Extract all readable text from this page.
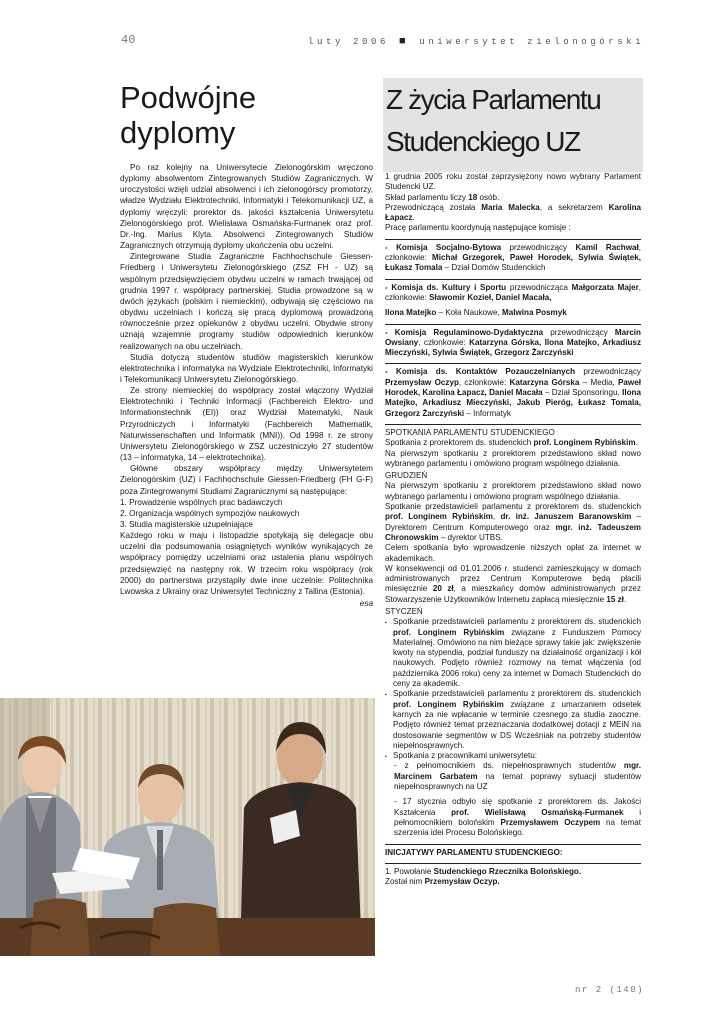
40	luty 2006 ■ uniwersytet zielonogórski
Podwójne
dyplomy
Z życia Parlamentu
Studenckiego UZ

Po raz kolejny na Uniwersytecie Zielonogórskim wręczono dyplomy absolwentom Zintegrowanych Studiów Zagranicznych. W uroczystości wzięli udział absolwenci i ich zielonogórscy promotorzy, władze Wydziału Elektrotechniki, Informatyki i Telekomunikacji UZ, a dyplomy wręczyli: prorektor ds. jakości kształcenia Uniwersytetu Zielonogórskiego prof. Wielisława Osmańska-Furmanek oraz prof. Dr.-Ing. Marius Klyta. Absolwenci Zintegrowanych Studiów Zagranicznych otrzymują dyplomy ukończenia obu uczelni.

Zintegrowane Studia Zagraniczne Fachhochschule Giessen-Friedberg i Uniwersytetu Zielonogórskiego (ZSZ FH - UZ) są wspólnym przedsięwzięciem obydwu uczelni w ramach trwającej od grudnia 1997 r. współpracy partnerskiej. Studia prowadzone są w dwóch językach (polskim i niemieckim), odbywają się częściowo na obydwu uczelniach i kończą się pracą dyplomową prowadzoną równocześnie przez opiekunów z obydwu uczelni. Obydwie strony uznają wzajemnie programy studiów odpowiednich kierunków realizowanych na obu uczelniach.

Studia dotyczą studentów studiów magisterskich kierunków elektrotechnika i informatyka na Wydziale Elektrotechniki, Informatyki i Telekomunikacji Uniwersytetu Zielonogórskiego.

Ze strony niemieckiej do współpracy został włączony Wydział Elektrotechniki i Techniki Informacji (Fachbereich Elektro- und Informationstechnik (EI)) oraz Wydział Matematyki, Nauk Przyrodniczych i Informatyki (Fachbereich Mathematik, Naturwissenschaften und Informatik (MNI)). Od 1998 r. ze strony Uniwersytetu Zielonogórskiego w ZSZ uczestniczyło 27 studentów (13 – informatyka, 14 – elektrotechnika).

Główne obszary współpracy między Uniwersytetem Zielonogórskim (UZ) i Fachhochschule Giessen-Friedberg (FH G-F) poza Zintegrowanymi Studiami Zagranicznymi są następujące:

1. Prowadzenie wspólnych prac badawczych

2. Organizacja wspólnych sympozjów naukowych

3. Studia magisterskie uzupełniające

Każdego roku w maju i listopadzie spotykają się delegacje obu uczelni dla podsumowania osiągniętych wyników wynikających ze współpracy pomiędzy uczelniami oraz ustalenia planu wspólnych przedsięwzięć na następny rok. W trzecim roku współpracy (rok 2000) do partnerstwa przystąpiły dwie inne uczelnie: Politechnika Lwowska z Ukrainy oraz Uniwersytet Techniczny z Tallina (Estonia).

esa

1 grudnia 2005 roku został zaprzysiężony nowo wybrany Parlament Studencki UZ.

Skład parlamentu liczy 18 osób.

Przewodniczącą została Maria Malecka, a sekretarzem Karolina Łapacz.

Pracę parlamentu koordynują następujące komisje :

- Komisja Socjalno-Bytowa przewodniczący Kamil Rachwał, członkowie: Michał Grzegorek, Paweł Horodek, Sylwia Świątek, Łukasz Tomala – Dział Domów Studenckich

- Komisja ds. Kultury i Sportu przewodnicząca Małgorzata Majer, członkowie: Sławomir Kozieł, Daniel Macała,

Ilona Matejko – Koła Naukowe, Malwina Posmyk

- Komisja Regulaminowo-Dydaktyczna przewodniczący Marcin Owsiany, członkowie: Katarzyna Górska, Ilona Matejko, Arkadiusz Mieczyński, Sylwia Świątek, Grzegorz Żarczyński

- Komisja ds. Kontaktów Pozauczelnianych przewodniczący Przemysław Oczyp, członkowie: Katarzyna Górska – Media, Paweł Horodek, Karolina Łapacz, Daniel Macała – Dział Sponsoringu, Ilona Matejko, Arkadiusz Mieczyński, Jakub Pieróg, Łukasz Tomala, Grzegorz Żarczyński – Informatyk

SPOTKANIA PARLAMENTU STUDENCKIEGO

Spotkania z prorektorem ds. studenckich prof. Longinem Rybińskim.

Na pierwszym spotkaniu z prorektorem przedstawiono skład nowo wybranego parlamentu i omówiono program wspólnego działania.

GRUDZIEŃ

Na pierwszym spotkaniu z prorektorem przedstawiono skład nowo wybranego parlamentu i omówiono program wspólnego działania.

Spotkanie przedstawicieli parlamentu z prorektorem ds. studenckich prof. Longinem Rybińskim, dr. inż. Januszem Baranowskim – Dyrektorem Centrum Komputerowego oraz mgr. inż. Tadeuszem Chronowskim – dyrektor UTBS.

Celem spotkania było wprowadzenie niższych opłat za internet w akademikach.

W konsekwencji od 01.01.2006 r. studenci zamieszkujący w domach administrowanych przez Centrum Komputerowe będą płacili miesięcznie 20 zł, a mieszkańcy domów administrowanych przez Stowarzyszenie Użytkowników Internetu zapłacą miesięcznie 15 zł.

STYCZEŃ

▪ Spotkanie przedstawicieli parlamentu z prorektorem ds. studenckich prof. Longinem Rybińskim związane z Funduszem Pomocy Materialnej. Omówiono na nim bieżące sprawy takie jak: zwiększenie kwoty na stypendia, podział funduszy na działalność organizacji i kół naukowych. Podjęto również rozmowy na temat włączenia (od października 2006 roku) ceny za internet w Domach Studenckich do ceny za akademik.

▪ Spotkanie przedstawicieli parlamentu z prorektorem ds. studenckich prof. Longinem Rybińskim związane z umarzaniem odsetek karnych za nie wpłacanie w terminie czesnego za studia zaoczne. Podjęto również temat przeznaczania dodatkowej dotacji z MEiN na dostosowanie segmentów w DS Wcześniak na potrzeby studentów niepełnosprawnych.

▪ Spotkania z pracownikami uniwersytetu:

- z pełnomocnikiem ds. niepełnosprawnych studentów mgr. Marcinem Garbatem na temat poprawy sytuacji studentów niepełnosprawnych na UZ

- 17 stycznia odbyło się spotkanie z prorektorem ds. Jakości Kształcenia prof. Wielisławą Osmańską-Furmanek i pełnomocnikiem bolońskim Przemysławem Oczypem na temat szerzenia idei Procesu Bolońskiego.

INICJATYWY PARLAMENTU STUDENCKIEGO:

1. Powołanie Studenckiego Rzecznika Bolońskiego.

Został nim Przemysław Oczyp.

nr 2 (140)
